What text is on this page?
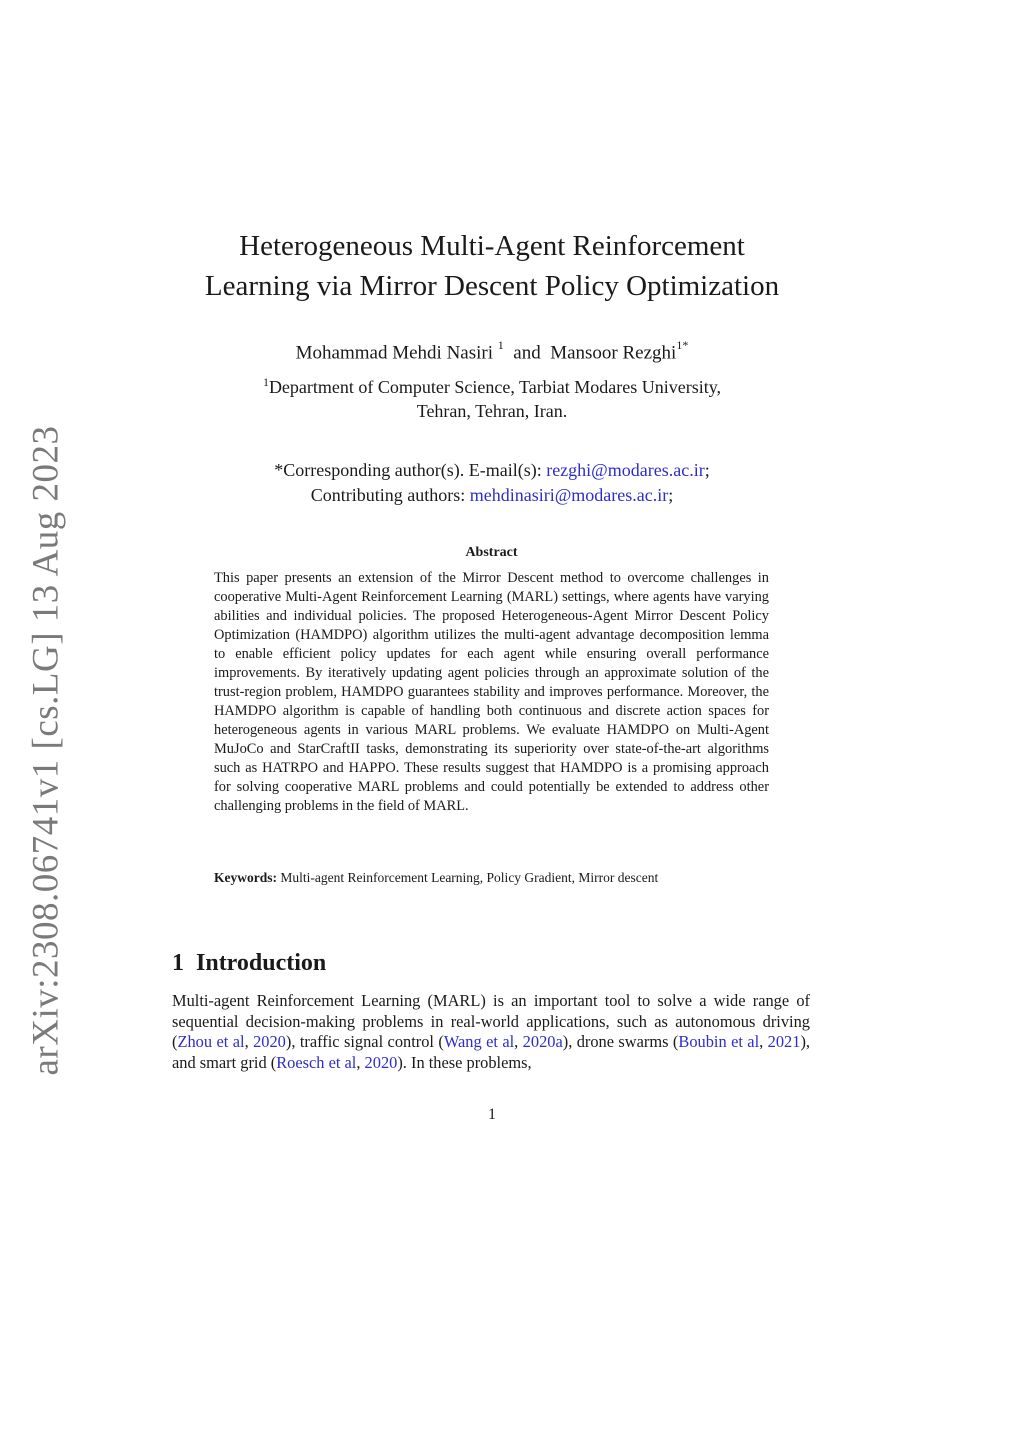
arXiv:2308.06741v1 [cs.LG] 13 Aug 2023
Heterogeneous Multi-Agent Reinforcement
Learning via Mirror Descent Policy Optimization
Mohammad Mehdi Nasiri $^1$ and Mansoor Rezghi$^{1*}$
$^1$Department of Computer Science, Tarbiat Modares University,
Tehran, Tehran, Iran.
*Corresponding author(s). E-mail(s): rezghi@modares.ac.ir;
Contributing authors: mehdinasiri@modares.ac.ir;
Abstract
This paper presents an extension of the Mirror Descent method to overcome challenges in cooperative Multi-Agent Reinforcement Learning (MARL) settings, where agents have varying abilities and individual policies. The proposed Heterogeneous-Agent Mirror Descent Policy Optimization (HAMDPO) algorithm utilizes the multi-agent advantage decomposition lemma to enable efficient policy updates for each agent while ensuring overall performance improvements. By iteratively updating agent policies through an approximate solution of the trust-region problem, HAMDPO guarantees stability and improves performance. Moreover, the HAMDPO algorithm is capable of handling both continuous and discrete action spaces for heterogeneous agents in various MARL problems. We evaluate HAMDPO on Multi-Agent MuJoCo and StarCraftII tasks, demonstrating its superiority over state-of-the-art algorithms such as HATRPO and HAPPO. These results suggest that HAMDPO is a promising approach for solving cooperative MARL problems and could potentially be extended to address other challenging problems in the field of MARL.
Keywords: Multi-agent Reinforcement Learning, Policy Gradient, Mirror descent
1 Introduction
Multi-agent Reinforcement Learning (MARL) is an important tool to solve a wide range of sequential decision-making problems in real-world applications, such as autonomous driving (Zhou et al, 2020), traffic signal control (Wang et al, 2020a), drone swarms (Boubin et al, 2021), and smart grid (Roesch et al, 2020). In these problems,
1
